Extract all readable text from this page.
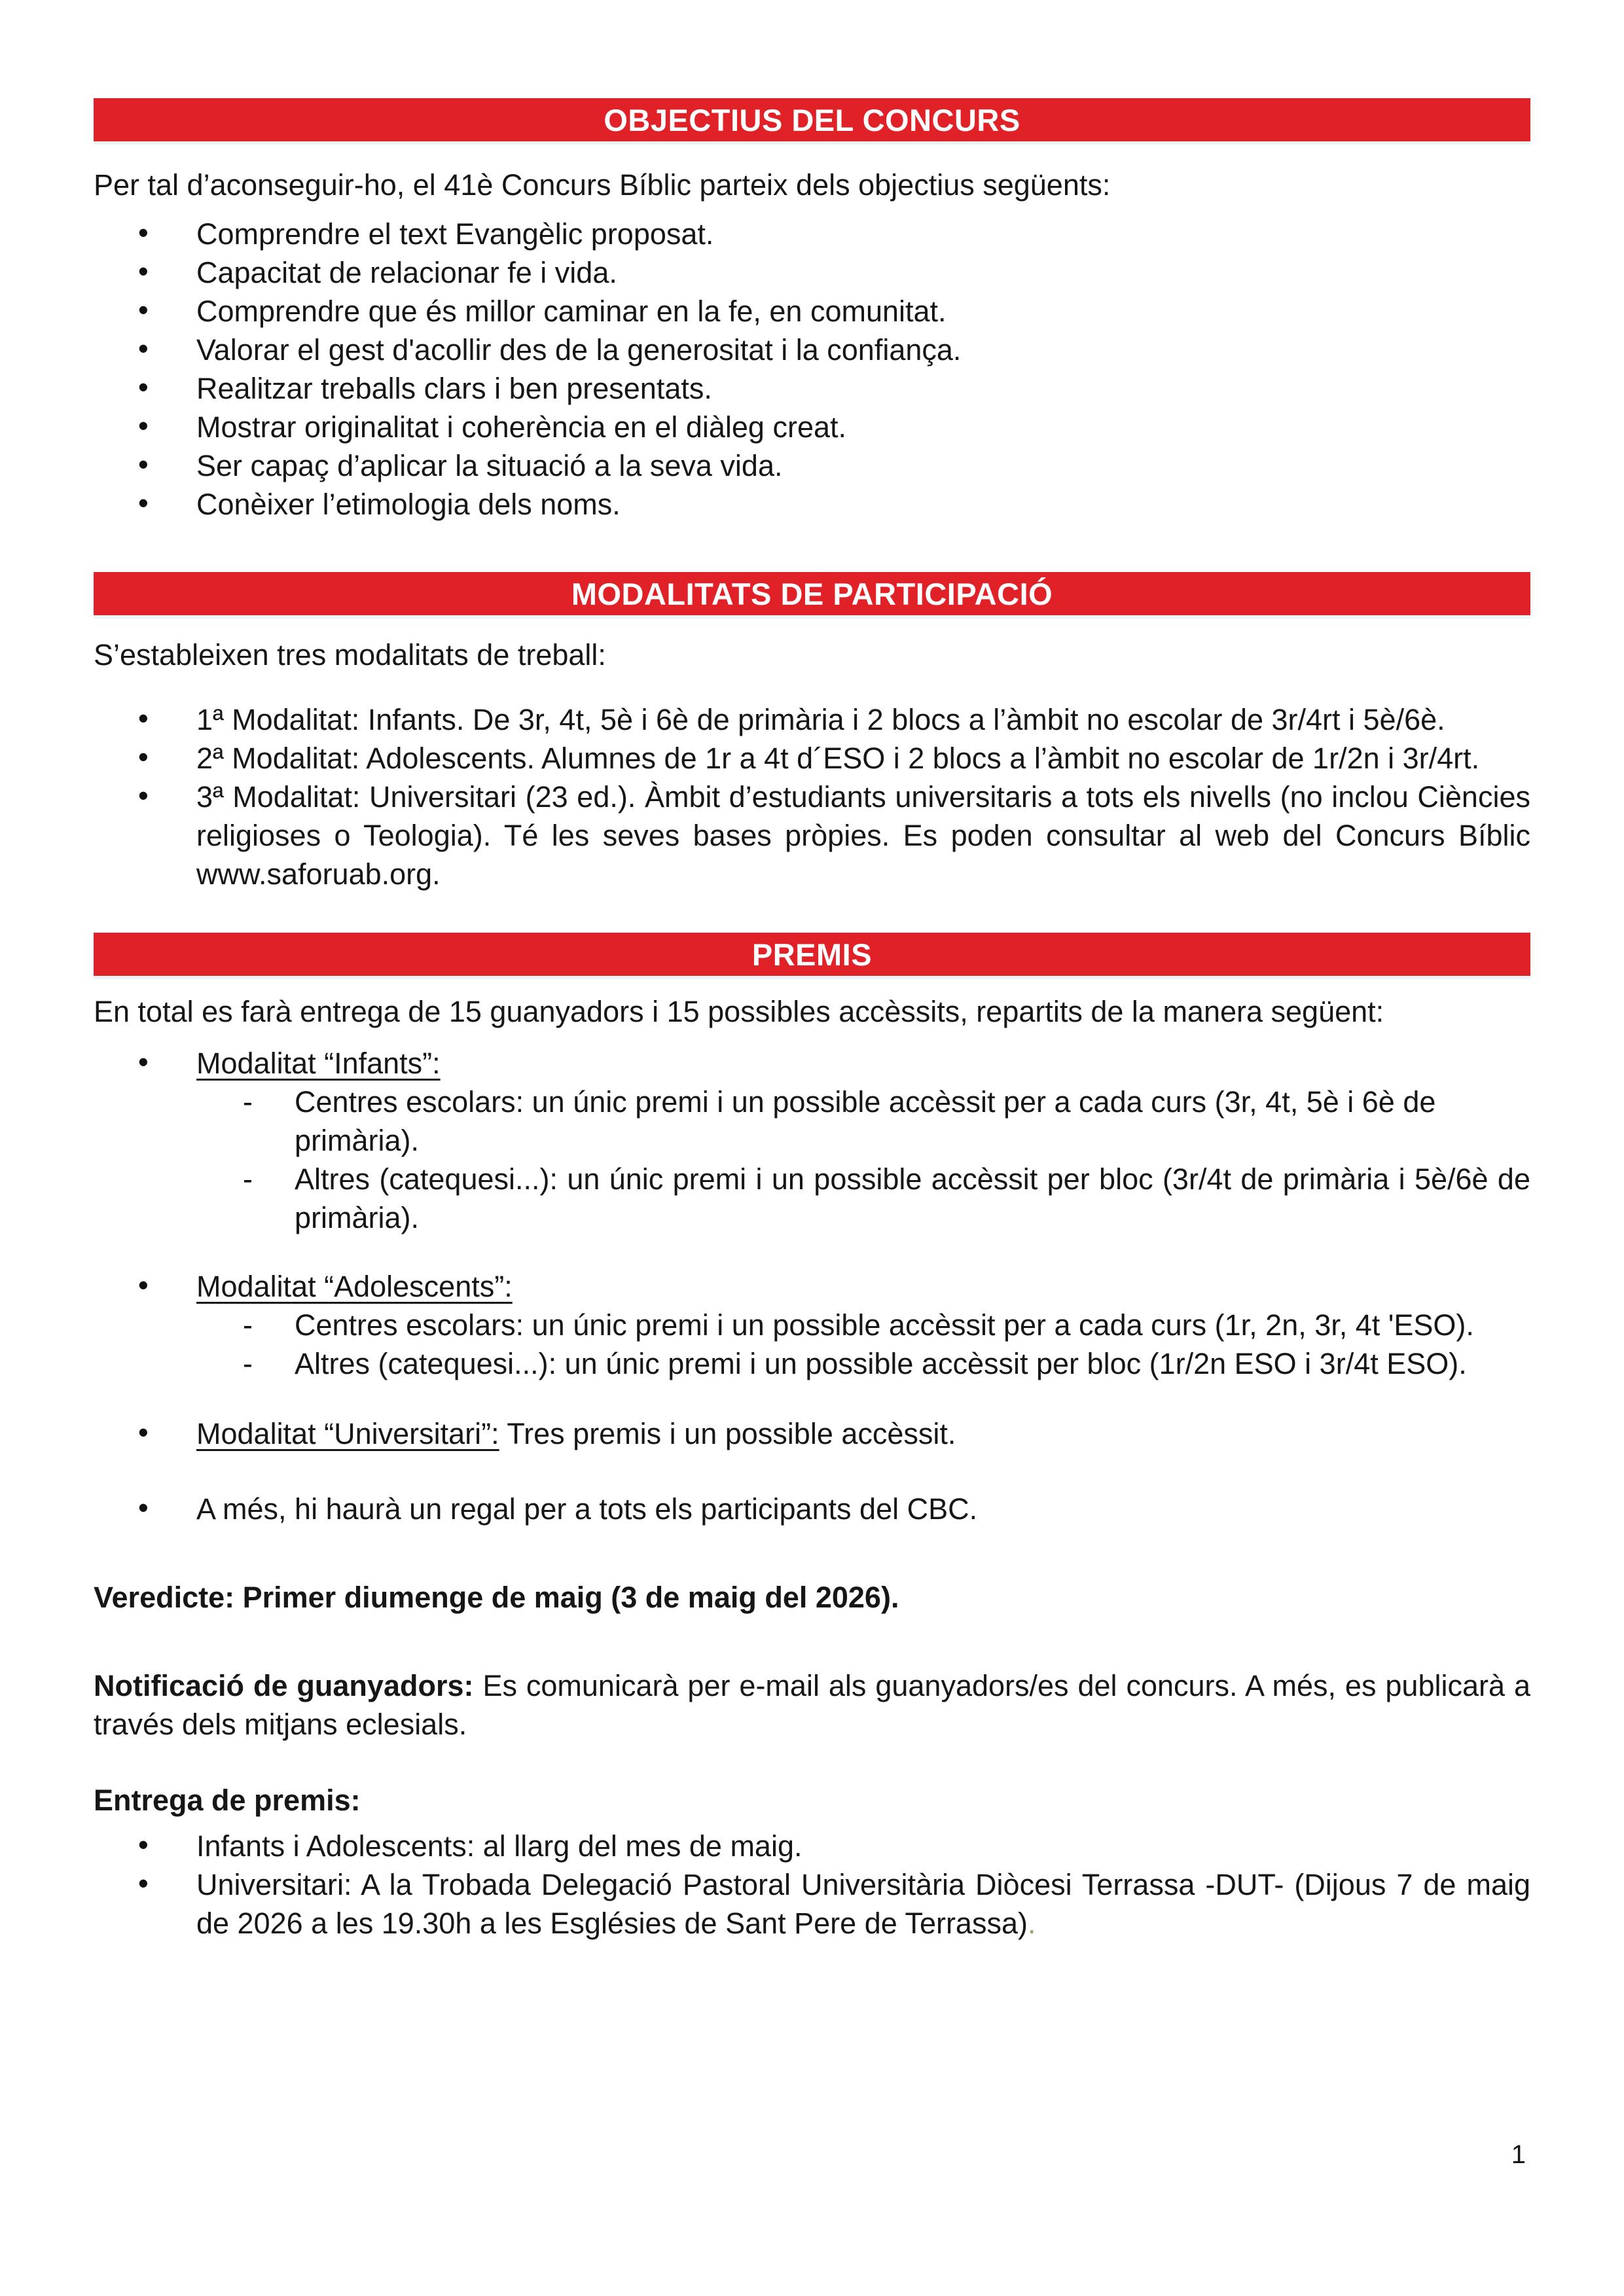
OBJECTIUS DEL CONCURS

Per tal d’aconseguir-ho, el 41è Concurs Bíblic parteix dels objectius següents:

• Comprendre el text Evangèlic proposat.

• Capacitat de relacionar fe i vida.

• Comprendre que és millor caminar en la fe, en comunitat.

• Valorar el gest d'acollir des de la generositat i la confiança.

• Realitzar treballs clars i ben presentats.

• Mostrar originalitat i coherència en el diàleg creat.

• Ser capaç d’aplicar la situació a la seva vida.

• Conèixer l’etimologia dels noms.

MODALITATS DE PARTICIPACIÓ

S’estableixen tres modalitats de treball:

• 1ª Modalitat: Infants. De 3r, 4t, 5è i 6è de primària i 2 blocs a l’àmbit no escolar de 3r/4rt i 5è/6è.

• 2ª Modalitat: Adolescents. Alumnes de 1r a 4t d´ESO i 2 blocs a l’àmbit no escolar de 1r/2n i 3r/4rt.

• 3ª Modalitat: Universitari (23 ed.). Àmbit d’estudiants universitaris a tots els nivells (no inclou Ciències religioses o Teologia). Té les seves bases pròpies. Es poden consultar al web del Concurs Bíblic www.saforuab.org.

PREMIS

En total es farà entrega de 15 guanyadors i 15 possibles accèssits, repartits de la manera següent:

• Modalitat “Infants”:

- Centres escolars: un únic premi i un possible accèssit per a cada curs (3r, 4t, 5è i 6è de primària).

- Altres (catequesi...): un únic premi i un possible accèssit per bloc (3r/4t de primària i 5è/6è de primària).

• Modalitat “Adolescents”:

- Centres escolars: un únic premi i un possible accèssit per a cada curs (1r, 2n, 3r, 4t 'ESO).

- Altres (catequesi...): un únic premi i un possible accèssit per bloc (1r/2n ESO i 3r/4t ESO).

• Modalitat “Universitari”: Tres premis i un possible accèssit.

• A més, hi haurà un regal per a tots els participants del CBC.

Veredicte: Primer diumenge de maig (3 de maig del 2026).

Notificació de guanyadors: Es comunicarà per e-mail als guanyadors/es del concurs. A més, es publicarà a través dels mitjans eclesials.

Entrega de premis:

• Infants i Adolescents: al llarg del mes de maig.

• Universitari: A la Trobada Delegació Pastoral Universitària Diòcesi Terrassa -DUT- (Dijous 7 de maig de 2026 a les 19.30h a les Esglésies de Sant Pere de Terrassa).

1
